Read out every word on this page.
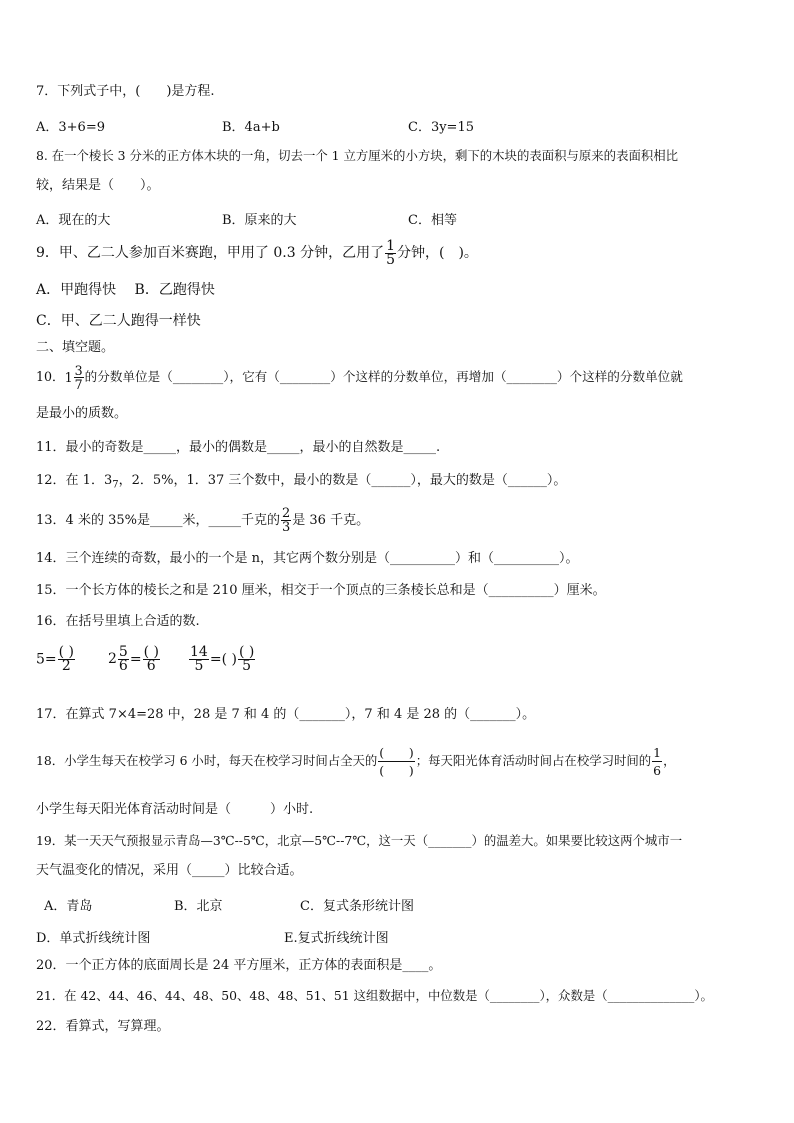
7．下列式子中，(　　)是方程.
A．3+6=9	B．4a+b	C．3y=15
8. 在一个棱长 3 分米的正方体木块的一角，切去一个 1 立方厘米的小方块，剩下的木块的表面积与原来的表面积相比
较，结果是（　　）。
A．现在的大	B．原来的大	C．相等
9．甲、乙二人参加百米赛跑，甲用了 0.3 分钟，乙用了 $\frac{1}{5}$ 分钟，(　)。
A．甲跑得快　 B．乙跑得快
C．甲、乙二人跑得一样快
二、填空题。
10． $1 \frac{3}{7}$ 的分数单位是（________），它有（________）个这样的分数单位，再增加（________）个这样的分数单位就
是最小的质数。
11．最小的奇数是_____，最小的偶数是_____，最小的自然数是_____.
12．在 1．$3_7$，2．5%，1．37 三个数中，最小的数是（______），最大的数是（______）。
13．4 米的 35%是_____米，_____千克的 $\frac{2}{3}$ 是 36 千克。
14．三个连续的奇数，最小的一个是 n，其它两个数分别是（__________）和（__________）。
15．一个长方体的棱长之和是 210 厘米，相交于一个顶点的三条棱长总和是（__________）厘米。
16．在括号里填上合适的数.
$5= \frac{( )}{2} 2 \frac{5}{6} = \frac{( )}{6} \frac{14}{5}$ =( ) $\frac{( )}{5}$
17．在算式 7×4=28 中，28 是 7 和 4 的（_______），7 和 4 是 28 的（_______）。
18．小学生每天在校学习 6 小时，每天在校学习时间占全天的 $\frac{( )}{( )}$ ；每天阳光体育活动时间占在校学习时间的 $\frac{1}{6}$ ，
小学生每天阳光体育活动时间是（　　　）小时.
19．某一天天气预报显示青岛—3℃--5℃，北京—5℃--7℃，这一天（_______）的温差大。如果要比较这两个城市一
天气温变化的情况，采用（_____）比较合适。
A．青岛	B．北京	C．复式条形统计图
D．单式折线统计图	E.复式折线统计图
20．一个正方体的底面周长是 24 平方厘米，正方体的表面积是____。
21．在 42、44、46、44、48、50、48、48、51、51 这组数据中，中位数是（________），众数是（______________）。
22．看算式，写算理。
